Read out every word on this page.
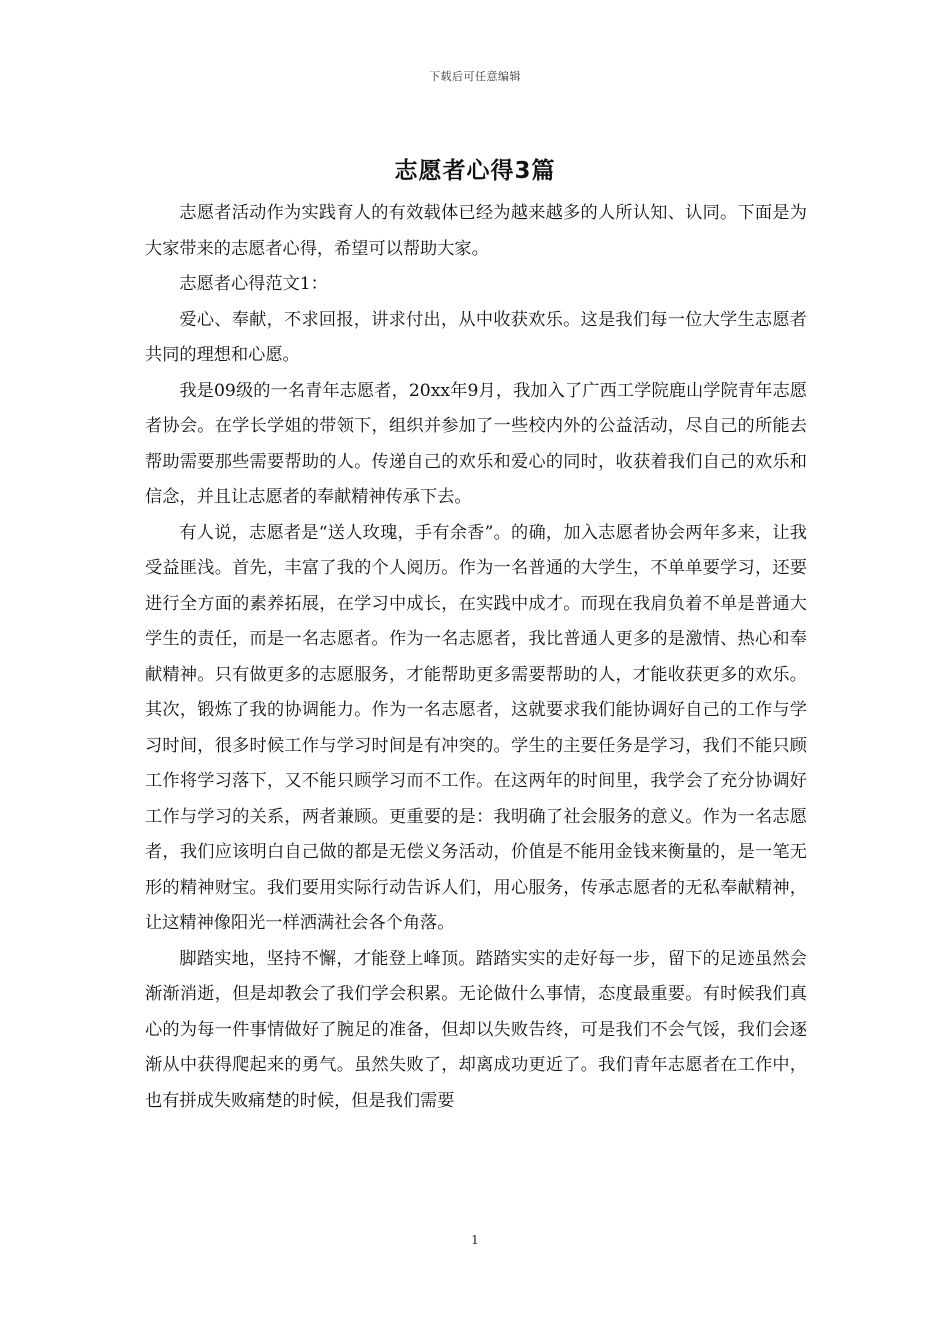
下载后可任意编辑
志愿者心得3篇

志愿者活动作为实践育人的有效载体已经为越来越多的人所认知、认同。下面是为大家带来的志愿者心得，希望可以帮助大家。

志愿者心得范文1：

爱心、奉献，不求回报，讲求付出，从中收获欢乐。这是我们每一位大学生志愿者共同的理想和心愿。

我是09级的一名青年志愿者，20xx年9月，我加入了广西工学院鹿山学院青年志愿者协会。在学长学姐的带领下，组织并参加了一些校内外的公益活动，尽自己的所能去帮助需要那些需要帮助的人。传递自己的欢乐和爱心的同时，收获着我们自己的欢乐和信念，并且让志愿者的奉献精神传承下去。

有人说，志愿者是“送人玫瑰，手有余香”。的确，加入志愿者协会两年多来，让我受益匪浅。首先，丰富了我的个人阅历。作为一名普通的大学生，不单单要学习，还要进行全方面的素养拓展，在学习中成长，在实践中成才。而现在我肩负着不单是普通大学生的责任，而是一名志愿者。作为一名志愿者，我比普通人更多的是激情、热心和奉献精神。只有做更多的志愿服务，才能帮助更多需要帮助的人，才能收获更多的欢乐。其次，锻炼了我的协调能力。作为一名志愿者，这就要求我们能协调好自己的工作与学习时间，很多时候工作与学习时间是有冲突的。学生的主要任务是学习，我们不能只顾工作将学习落下，又不能只顾学习而不工作。在这两年的时间里，我学会了充分协调好工作与学习的关系，两者兼顾。更重要的是：我明确了社会服务的意义。作为一名志愿者，我们应该明白自己做的都是无偿义务活动，价值是不能用金钱来衡量的，是一笔无形的精神财宝。我们要用实际行动告诉人们，用心服务，传承志愿者的无私奉献精神，让这精神像阳光一样洒满社会各个角落。

脚踏实地，坚持不懈，才能登上峰顶。踏踏实实的走好每一步，留下的足迹虽然会渐渐消逝，但是却教会了我们学会积累。无论做什么事情，态度最重要。有时候我们真心的为每一件事情做好了腕足的准备，但却以失败告终，可是我们不会气馁，我们会逐渐从中获得爬起来的勇气。虽然失败了，却离成功更近了。我们青年志愿者在工作中，也有拼成失败痛楚的时候，但是我们需要

1
